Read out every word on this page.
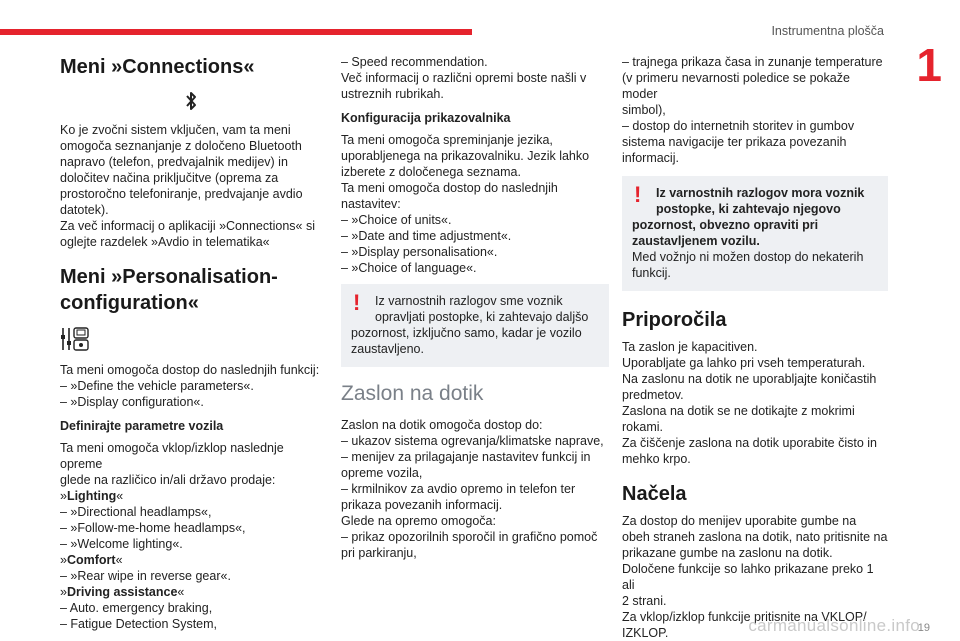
Instrumentna plošča
1
Meni »Connections«

Ko je zvočni sistem vključen, vam ta meni
omogoča seznanjanje z določeno Bluetooth
napravo (telefon, predvajalnik medijev) in
določitev načina priključitve (oprema za
prostoročno telefoniranje, predvajanje avdio
datotek).
Za več informacij o aplikaciji »Connections« si
oglejte razdelek »Avdio in telematika«

Meni »Personalisation-
configuration«

Ta meni omogoča dostop do naslednjih funkcij:
– »Define the vehicle parameters«.
– »Display configuration«.

Definirajte parametre vozila

Ta meni omogoča vklop/izklop naslednje opreme
glede na različico in/ali državo prodaje:

»Lighting«
– »Directional headlamps«,
– »Follow-me-home headlamps«,
– »Welcome lighting«.
»Comfort«
– »Rear wipe in reverse gear«.
»Driving assistance«
– Auto. emergency braking,
– Fatigue Detection System,

– Speed recommendation.
Več informacij o različni opremi boste našli v
ustreznih rubrikah.

Konfiguracija prikazovalnika

Ta meni omogoča spreminjanje jezika,
uporabljenega na prikazovalniku. Jezik lahko
izberete z določenega seznama.
Ta meni omogoča dostop do naslednjih
nastavitev:
– »Choice of units«.
– »Date and time adjustment«.
– »Display personalisation«.
– »Choice of language«.

!	Iz varnostnih razlogov sme voznik
opravljati postopke, ki zahtevajo daljšo
pozornost, izključno samo, kadar je vozilo
zaustavljeno.
Zaslon na dotik

Zaslon na dotik omogoča dostop do:
– ukazov sistema ogrevanja/klimatske naprave,
– menijev za prilagajanje nastavitev funkcij in
opreme vozila,
– krmilnikov za avdio opremo in telefon ter
prikaza povezanih informacij.
Glede na opremo omogoča:
– prikaz opozorilnih sporočil in grafično pomoč
pri parkiranju,

– trajnega prikaza časa in zunanje temperature
(v primeru nevarnosti poledice se pokaže moder
simbol),
– dostop do internetnih storitev in gumbov
sistema navigacije ter prikaza povezanih
informacij.

!	Iz varnostnih razlogov mora voznik
postopke, ki zahtevajo njegovo
pozornost, obvezno opraviti pri
zaustavljenem vozilu.
Med vožnjo ni možen dostop do nekaterih
funkcij.
Priporočila

Ta zaslon je kapacitiven.
Uporabljate ga lahko pri vseh temperaturah.
Na zaslonu na dotik ne uporabljajte koničastih
predmetov.
Zaslona na dotik se ne dotikajte z mokrimi
rokami.
Za čiščenje zaslona na dotik uporabite čisto in
mehko krpo.

Načela

Za dostop do menijev uporabite gumbe na
obeh straneh zaslona na dotik, nato pritisnite na
prikazane gumbe na zaslonu na dotik.
Določene funkcije so lahko prikazane preko 1 ali
2 strani.
Za vklop/izklop funkcije pritisnite na VKLOP/
IZKLOP.	carmanualsonline.info
19
